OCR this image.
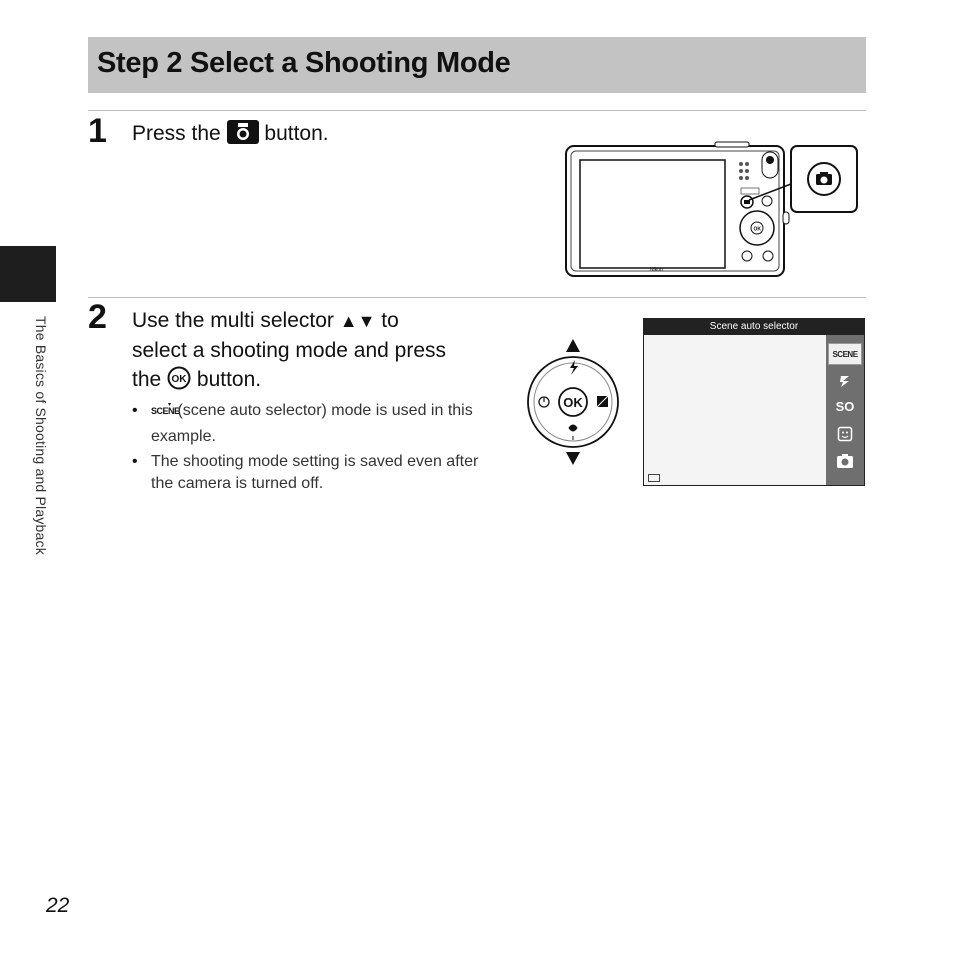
Step 2 Select a Shooting Mode
1 Press the button.
Nikon
OK
2 Use the multi selector ▲▼ to
select a shooting mode and press
the OK button.
• SCENE
(scene auto selector) mode is used in this example.
• The shooting mode setting is saved even after the camera is turned off.
OK
Scene auto selector
SCENE
SO
The Basics of Shooting and Playback
22
